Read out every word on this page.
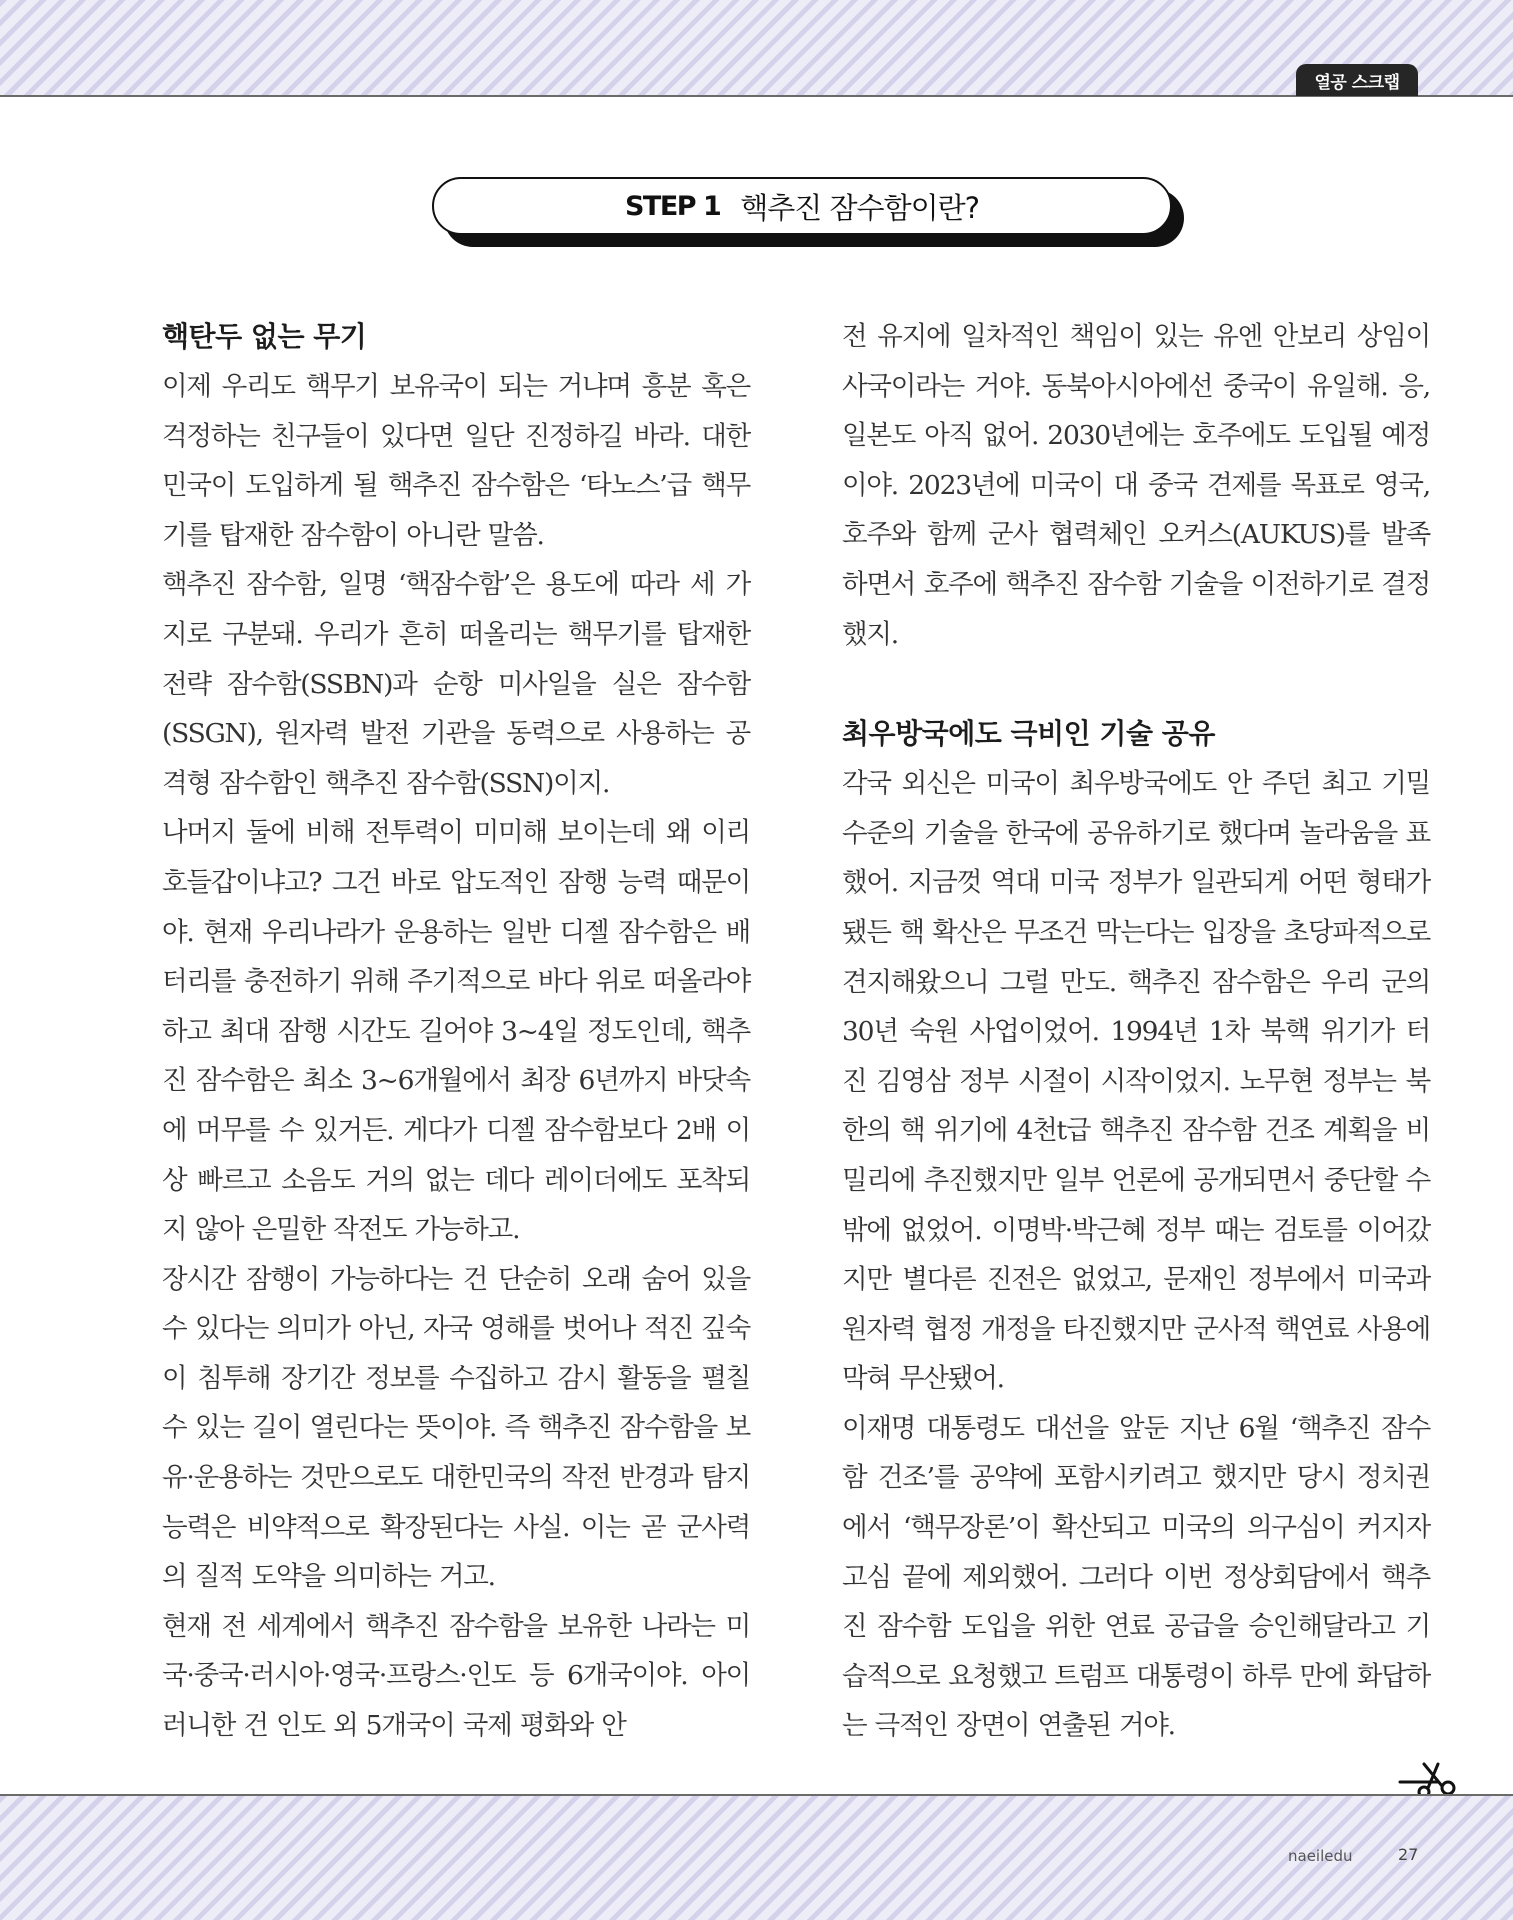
열공 스크랩
STEP 1 핵추진 잠수함이란?
핵탄두 없는 무기

이제 우리도 핵무기 보유국이 되는 거냐며 흥분 혹은 걱정하는 친구들이 있다면 일단 진정하길 바라. 대한민국이 도입하게 될 핵추진 잠수함은 ‘타노스’급 핵무기를 탑재한 잠수함이 아니란 말씀.

핵추진 잠수함, 일명 ‘핵잠수함’은 용도에 따라 세 가지로 구분돼. 우리가 흔히 떠올리는 핵무기를 탑재한 전략 잠수함(SSBN)과 순항 미사일을 실은 잠수함(SSGN), 원자력 발전 기관을 동력으로 사용하는 공격형 잠수함인 핵추진 잠수함(SSN)이지.

나머지 둘에 비해 전투력이 미미해 보이는데 왜 이리 호들갑이냐고? 그건 바로 압도적인 잠행 능력 때문이야. 현재 우리나라가 운용하는 일반 디젤 잠수함은 배터리를 충전하기 위해 주기적으로 바다 위로 떠올라야 하고 최대 잠행 시간도 길어야 3~4일 정도인데, 핵추진 잠수함은 최소 3~6개월에서 최장 6년까지 바닷속에 머무를 수 있거든. 게다가 디젤 잠수함보다 2배 이상 빠르고 소음도 거의 없는 데다 레이더에도 포착되지 않아 은밀한 작전도 가능하고.

장시간 잠행이 가능하다는 건 단순히 오래 숨어 있을 수 있다는 의미가 아닌, 자국 영해를 벗어나 적진 깊숙이 침투해 장기간 정보를 수집하고 감시 활동을 펼칠 수 있는 길이 열린다는 뜻이야. 즉 핵추진 잠수함을 보유·운용하는 것만으로도 대한민국의 작전 반경과 탐지 능력은 비약적으로 확장된다는 사실. 이는 곧 군사력의 질적 도약을 의미하는 거고.

현재 전 세계에서 핵추진 잠수함을 보유한 나라는 미국·중국·러시아·영국·프랑스·인도 등 6개국이야. 아이러니한 건 인도 외 5개국이 국제 평화와 안

전 유지에 일차적인 책임이 있는 유엔 안보리 상임이사국이라는 거야. 동북아시아에선 중국이 유일해. 응, 일본도 아직 없어. 2030년에는 호주에도 도입될 예정이야. 2023년에 미국이 대 중국 견제를 목표로 영국, 호주와 함께 군사 협력체인 오커스(AUKUS)를 발족하면서 호주에 핵추진 잠수함 기술을 이전하기로 결정했지.

최우방국에도 극비인 기술 공유

각국 외신은 미국이 최우방국에도 안 주던 최고 기밀 수준의 기술을 한국에 공유하기로 했다며 놀라움을 표했어. 지금껏 역대 미국 정부가 일관되게 어떤 형태가 됐든 핵 확산은 무조건 막는다는 입장을 초당파적으로 견지해왔으니 그럴 만도. 핵추진 잠수함은 우리 군의 30년 숙원 사업이었어. 1994년 1차 북핵 위기가 터진 김영삼 정부 시절이 시작이었지. 노무현 정부는 북한의 핵 위기에 4천t급 핵추진 잠수함 건조 계획을 비밀리에 추진했지만 일부 언론에 공개되면서 중단할 수밖에 없었어. 이명박·박근혜 정부 때는 검토를 이어갔지만 별다른 진전은 없었고, 문재인 정부에서 미국과 원자력 협정 개정을 타진했지만 군사적 핵연료 사용에 막혀 무산됐어.

이재명 대통령도 대선을 앞둔 지난 6월 ‘핵추진 잠수함 건조’를 공약에 포함시키려고 했지만 당시 정치권에서 ‘핵무장론’이 확산되고 미국의 의구심이 커지자 고심 끝에 제외했어. 그러다 이번 정상회담에서 핵추진 잠수함 도입을 위한 연료 공급을 승인해달라고 기습적으로 요청했고 트럼프 대통령이 하루 만에 화답하는 극적인 장면이 연출된 거야.

naeiledu	27
